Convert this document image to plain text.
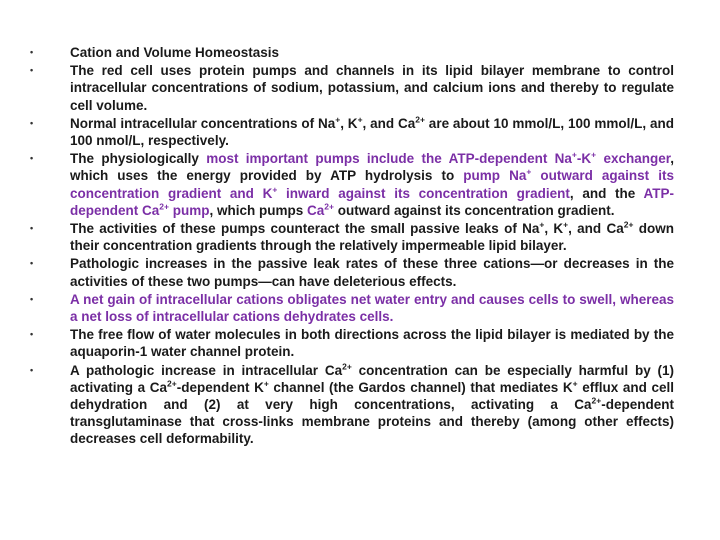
•	Cation and Volume Homeostasis
•	The red cell uses protein pumps and channels in its lipid bilayer membrane to control intracellular concentrations of sodium, potassium, and calcium ions and thereby to regulate cell volume.
•	Normal intracellular concentrations of Na+, K+, and $Ca^{2+}$ are about 10 mmol/L, 100 mmol/L, and 100 nmol/L, respectively.
•	The physiologically most important pumps include the ATP-dependent Na+-K+ exchanger, which uses the energy provided by ATP hydrolysis to pump Na+ outward against its concentration gradient and K+ inward against its concentration gradient, and the ATP-dependent $Ca^{2+}$ pump, which pumps $Ca^{2+}$ outward against its concentration gradient.
•	The activities of these pumps counteract the small passive leaks of Na+, K+, and $Ca^{2+}$ down their concentration gradients through the relatively impermeable lipid bilayer.
•	Pathologic increases in the passive leak rates of these three cations—or decreases in the activities of these two pumps—can have deleterious effects.
•	A net gain of intracellular cations obligates net water entry and causes cells to swell, whereas a net loss of intracellular cations dehydrates cells.
•	The free flow of water molecules in both directions across the lipid bilayer is mediated by the aquaporin-1 water channel protein.
•	A pathologic increase in intracellular $Ca^{2+}$ concentration can be especially harmful by (1) activating a $Ca^{2+}$-dependent K+ channel (the Gardos channel) that mediates K+ efflux and cell dehydration and (2) at very high concentrations, activating a $Ca^{2+}$-dependent transglutaminase that cross-links membrane proteins and thereby (among other effects) decreases cell deformability.
